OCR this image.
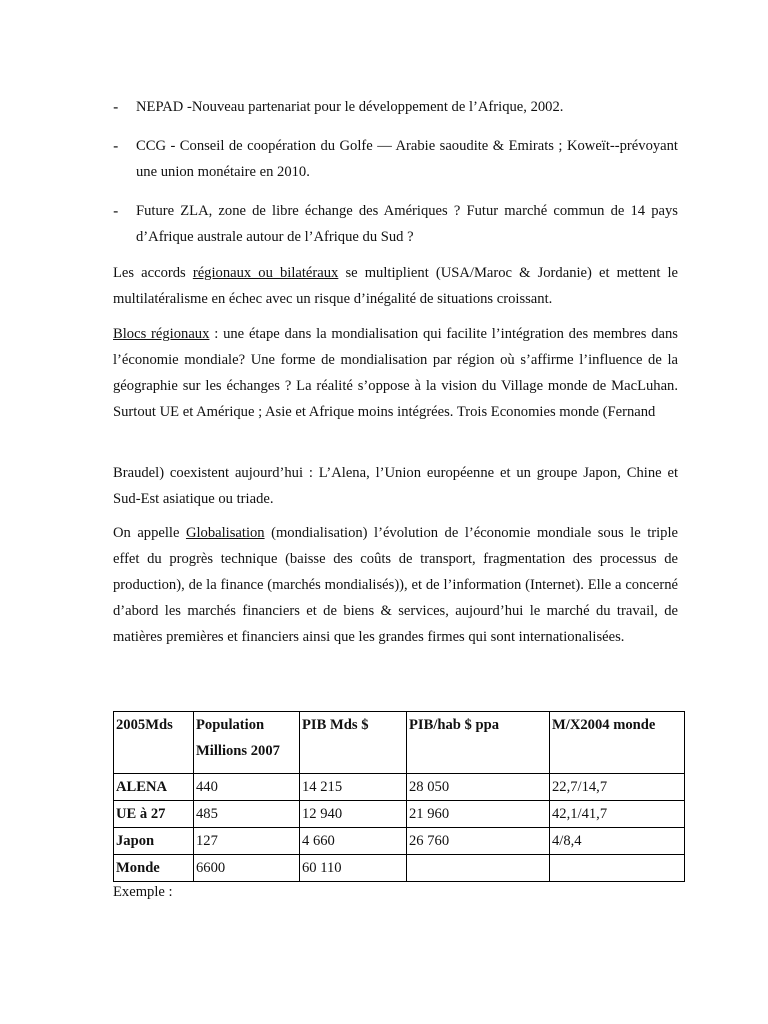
- NEPAD -Nouveau partenariat pour le développement de l’Afrique, 2002.
- CCG - Conseil de coopération du Golfe — Arabie saoudite & Emirats ; Koweït--prévoyant une union monétaire en 2010.
- Future ZLA, zone de libre échange des Amériques ? Futur marché commun de 14 pays d’Afrique australe autour de l’Afrique du Sud ?

Les accords régionaux ou bilatéraux se multiplient (USA/Maroc & Jordanie) et mettent le multilatéralisme en échec avec un risque d’inégalité de situations croissant.

Blocs régionaux : une étape dans la mondialisation qui facilite l’intégration des membres dans l’économie mondiale? Une forme de mondialisation par région où s’affirme l’influence de la géographie sur les échanges ? La réalité s’oppose à la vision du Village monde de MacLuhan. Surtout UE et Amérique ; Asie et Afrique moins intégrées. Trois Economies monde (Fernand

Braudel) coexistent aujourd’hui : L’Alena, l’Union européenne et un groupe Japon, Chine et Sud-Est asiatique ou triade.

On appelle Globalisation (mondialisation) l’évolution de l’économie mondiale sous le triple effet du progrès technique (baisse des coûts de transport, fragmentation des processus de production), de la finance (marchés mondialisés)), et de l’information (Internet). Elle a concerné d’abord les marchés financiers et de biens & services, aujourd’hui le marché du travail, de matières premières et financiers ainsi que les grandes firmes qui sont internationalisées.

2005Mds	Population Millions 2007	PIB Mds $	PIB/hab $ ppa	M/X2004 monde
ALENA	440	14 215	28 050	22,7/14,7
UE à 27	485	12 940	21 960	42,1/41,7
Japon	127	4 660	26 760	4/8,4
Monde	6600	60 110		

Exemple :
